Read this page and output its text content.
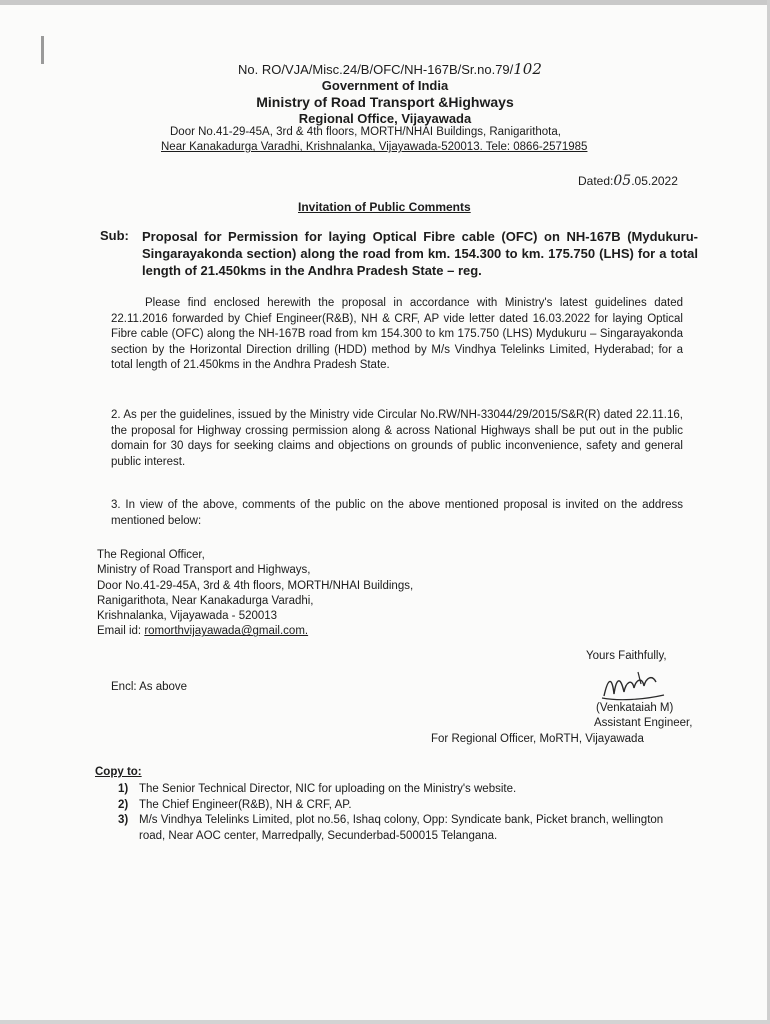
No. RO/VJA/Misc.24/B/OFC/NH-167B/Sr.no.79/102
Government of India
Ministry of Road Transport &Highways
Regional Office, Vijayawada
Door No.41-29-45A, 3rd & 4th floors, MORTH/NHAI Buildings, Ranigarithota,
Near Kanakadurga Varadhi, Krishnalanka, Vijayawada-520013. Tele: 0866-2571985
Dated:05.05.2022
Invitation of Public Comments
Sub: Proposal for Permission for laying Optical Fibre cable (OFC) on NH-167B (Mydukuru-Singarayakonda section) along the road from km. 154.300 to km. 175.750 (LHS) for a total length of 21.450kms in the Andhra Pradesh State – reg.
Please find enclosed herewith the proposal in accordance with Ministry's latest guidelines dated 22.11.2016 forwarded by Chief Engineer(R&B), NH & CRF, AP vide letter dated 16.03.2022 for laying Optical Fibre cable (OFC) along the NH-167B road from km 154.300 to km 175.750 (LHS) Mydukuru – Singarayakonda section by the Horizontal Direction drilling (HDD) method by M/s Vindhya Telelinks Limited, Hyderabad; for a total length of 21.450kms in the Andhra Pradesh State.
2. As per the guidelines, issued by the Ministry vide Circular No.RW/NH-33044/29/2015/S&R(R) dated 22.11.16, the proposal for Highway crossing permission along & across National Highways shall be put out in the public domain for 30 days for seeking claims and objections on grounds of public inconvenience, safety and general public interest.
3. In view of the above, comments of the public on the above mentioned proposal is invited on the address mentioned below:
The Regional Officer,
Ministry of Road Transport and Highways,
Door No.41-29-45A, 3rd & 4th floors, MORTH/NHAI Buildings,
Ranigarithota, Near Kanakadurga Varadhi,
Krishnalanka, Vijayawada - 520013
Email id: romorthvijayawada@gmail.com.
Yours Faithfully,
Encl: As above
(Venkataiah M)
Assistant Engineer,
For Regional Officer, MoRTH, Vijayawada
Copy to:
1) The Senior Technical Director, NIC for uploading on the Ministry's website.
2) The Chief Engineer(R&B), NH & CRF, AP.
3) M/s Vindhya Telelinks Limited, plot no.56, Ishaq colony, Opp: Syndicate bank, Picket branch, wellington road, Near AOC center, Marredpally, Secunderbad-500015 Telangana.
